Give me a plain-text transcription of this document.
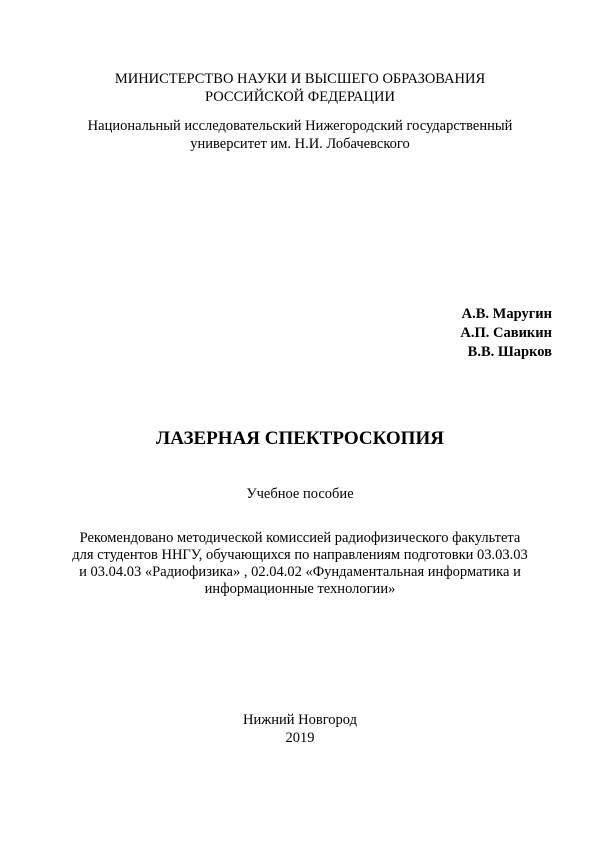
МИНИСТЕРСТВО НАУКИ И ВЫСШЕГО ОБРАЗОВАНИЯ
РОССИЙСКОЙ ФЕДЕРАЦИИ
Национальный исследовательский Нижегородский государственный
университет им. Н.И. Лобачевского
А.В. Маругин
А.П. Савикин
В.В. Шарков
ЛАЗЕРНАЯ СПЕКТРОСКОПИЯ
Учебное пособие
Рекомендовано методической комиссией радиофизического факультета
для студентов ННГУ, обучающихся по направлениям подготовки 03.03.03
и 03.04.03 «Радиофизика» , 02.04.02 «Фундаментальная информатика и
информационные технологии»
Нижний Новгород
2019
